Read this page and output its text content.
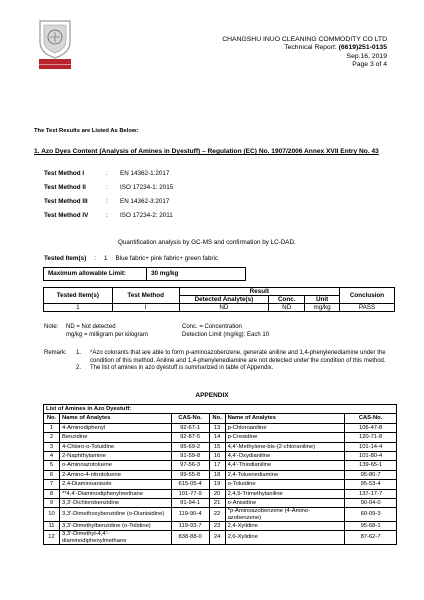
CHANGSHU INUO CLEANING COMMODITY CO LTD
Technical Report: (6619)251-0135
Sep.16, 2019
Page 3 of 4
The Test Results are Listed As Below:
1. Azo Dyes Content (Analysis of Amines in Dyestuff) – Regulation (EC) No. 1907/2006 Annex XVII Entry No. 43
Test Method I	:	EN 14362-1:2017
Test Method II	:	ISO 17234-1: 2015
Test Method III	:	EN 14362-3:2017
Test Method IV	:	ISO 17234-2: 2011
Quantification analysis by GC-MS and confirmation by LC-DAD.
Tested Item(s) : 1 Blue fabric+ pink fabric+ green fabric
Maximum allowable Limit:	30 mg/kg
Tested Item(s)	Test Method	Result			Conclusion
		Detected Analyte(s)	Conc.	Unit	
1	I	ND	ND	mg/kg	PASS
Note:	ND = Not detected	Conc. = Concentration
mg/kg = milligram per kilogram	Detection Limit (mg/kg): Each 10
Remark:	1.	*Azo colorants that are able to form p-aminoazobenzene, generate aniline and 1,4-phenylenediamine under the condition of this method. Aniline and 1,4-phenylenediamine are not detected under the condition of this method.
2.	The list of amines in azo dyestuff is summarized in table of Appendix.
APPENDIX
List of Amines in Azo Dyestuff:					
No.	Name of Analytes	CAS-No.	No.	Name of Analytes	CAS-No.
1	4-Aminodiphenyl	92-67-1	13	p-Chloroaniline	106-47-8
2	Benzidine	92-87-5	14	p-Cresidine	120-71-8
3	4-Chloro-o-Toluidine	95-69-2	15	4,4'-Methylene-bis-(2-chloraniline)	101-14-4
4	2-Naphthylamine	91-59-8	16	4,4'-Oxydianiline	101-80-4
5	o-Aminoazotoluene	97-56-3	17	4,4'-Thiodianiline	139-65-1
6	2-Amino-4-nitrotoluene	99-55-8	18	2,4-Toluenediamine	95-80-7
7	2,4-Diaminoanisole	615-05-4	19	o-Toluidine	95-53-4
8	**4,4'-Diaminodiphenylmethane	101-77-9	20	2,4,5-Trimethylaniline	137-17-7
9	3,3'-Dichlorobenzidine	91-94-1	21	o-Anisidine	90-04-0
10	3,3'-Dimethoxybenzidine (o-Dianisidine)	119-90-4	22	*p-Aminoazobenzene (4-Amino-azobenzene)	60-09-3
11	3,3'-Dimethylbenzidine (o-Tolidine)	119-93-7	23	2,4-Xylidine	95-68-1
12	3,3'-Dimethyl-4,4'-diaminodiphenylmethane	838-88-0	24	2,6-Xylidine	87-62-7
